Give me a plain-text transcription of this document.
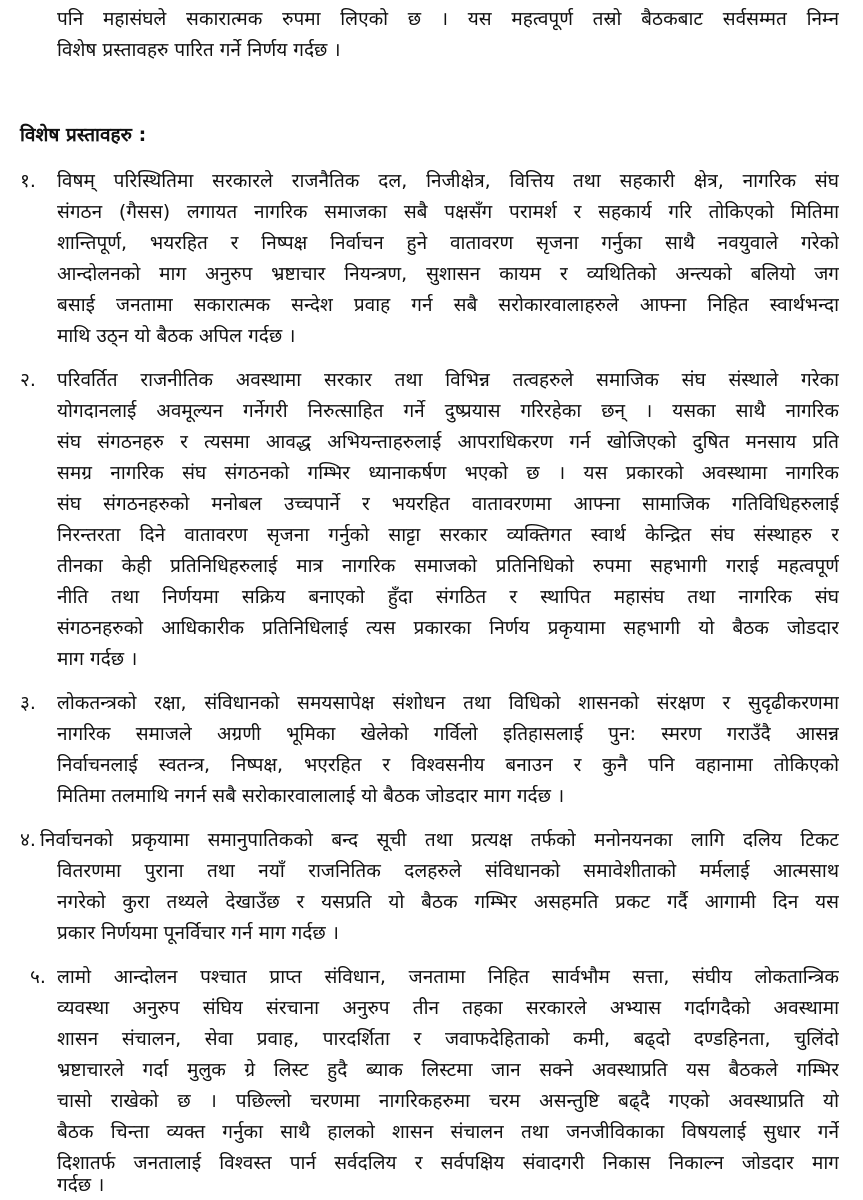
पनि महासंघले सकारात्मक रुपमा लिएको छ । यस महत्वपूर्ण तस्रो बैठकबाट सर्वसम्मत निम्न
विशेष प्रस्तावहरु पारित गर्ने निर्णय गर्दछ ।
विशेष प्रस्तावहरु :
१. विषम् परिस्थितिमा सरकारले राजनैतिक दल, निजीक्षेत्र, वित्तिय तथा सहकारी क्षेत्र, नागरिक संघ
संगठन (गैसस) लगायत नागरिक समाजका सबै पक्षसँग परामर्श र सहकार्य गरि तोकिएको मितिमा
शान्तिपूर्ण, भयरहित र निष्पक्ष निर्वाचन हुने वातावरण सृजना गर्नुका साथै नवयुवाले गरेको
आन्दोलनको माग अनुरुप भ्रष्टाचार नियन्त्रण, सुशासन कायम र व्यथितिको अन्त्यको बलियो जग
बसाई जनतामा सकारात्मक सन्देश प्रवाह गर्न सबै सरोकारवालाहरुले आफ्ना निहित स्वार्थभन्दा
माथि उठ्न यो बैठक अपिल गर्दछ ।
२. परिवर्तित राजनीतिक अवस्थामा सरकार तथा विभिन्न तत्वहरुले समाजिक संघ संस्थाले गरेका
योगदानलाई अवमूल्यन गर्नेगरी निरुत्साहित गर्ने दुष्प्रयास गरिरहेका छन् । यसका साथै नागरिक
संघ संगठनहरु र त्यसमा आवद्ध अभियन्ताहरुलाई आपराधिकरण गर्न खोजिएको दुषित मनसाय प्रति
समग्र नागरिक संघ संगठनको गम्भिर ध्यानाकर्षण भएको छ । यस प्रकारको अवस्थामा नागरिक
संघ संगठनहरुको मनोबल उच्चपार्ने र भयरहित वातावरणमा आफ्ना सामाजिक गतिविधिहरुलाई
निरन्तरता दिने वातावरण सृजना गर्नुको साट्टा सरकार व्यक्तिगत स्वार्थ केन्द्रित संघ संस्थाहरु र
तीनका केही प्रतिनिधिहरुलाई मात्र नागरिक समाजको प्रतिनिधिको रुपमा सहभागी गराई महत्वपूर्ण
नीति तथा निर्णयमा सक्रिय बनाएको हुँदा संगठित र स्थापित महासंघ तथा नागरिक संघ
संगठनहरुको आधिकारीक प्रतिनिधिलाई त्यस प्रकारका निर्णय प्रकृयामा सहभागी यो बैठक जोडदार
माग गर्दछ ।
३. लोकतन्त्रको रक्षा, संविधानको समयसापेक्ष संशोधन तथा विधिको शासनको संरक्षण र सुदृढीकरणमा
नागरिक समाजले अग्रणी भूमिका खेलेको गर्विलो इतिहासलाई पुन: स्मरण गराउँदै आसन्न
निर्वाचनलाई स्वतन्त्र, निष्पक्ष, भएरहित र विश्वसनीय बनाउन र कुनै पनि वहानामा तोकिएको
मितिमा तलमाथि नगर्न सबै सरोकारवालालाई यो बैठक जोडदार माग गर्दछ ।
४. निर्वाचनको प्रकृयामा समानुपातिकको बन्द सूची तथा प्रत्यक्ष तर्फको मनोनयनका लागि दलिय टिकट
वितरणमा पुराना तथा नयाँ राजनितिक दलहरुले संविधानको समावेशीताको मर्मलाई आत्मसाथ
नगरेको कुरा तथ्यले देखाउँछ र यसप्रति यो बैठक गम्भिर असहमति प्रकट गर्दै आगामी दिन यस
प्रकार निर्णयमा पूनर्विचार गर्न माग गर्दछ ।
५. लामो आन्दोलन पश्चात प्राप्त संविधान, जनतामा निहित सार्वभौम सत्ता, संघीय लोकतान्त्रिक
व्यवस्था अनुरुप संघिय संरचाना अनुरुप तीन तहका सरकारले अभ्यास गर्दागदैको अवस्थामा
शासन संचालन, सेवा प्रवाह, पारदर्शिता र जवाफदेहिताको कमी, बढ्दो दण्डहिनता, चुलिंदो
भ्रष्टाचारले गर्दा मुलुक ग्रे लिस्ट हुदै ब्याक लिस्टमा जान सक्ने अवस्थाप्रति यस बैठकले गम्भिर
चासो राखेको छ । पछिल्लो चरणमा नागरिकहरुमा चरम असन्तुष्टि बढ्दै गएको अवस्थाप्रति यो
बैठक चिन्ता व्यक्त गर्नुका साथै हालको शासन संचालन तथा जनजीविकाका विषयलाई सुधार गर्ने
दिशातर्फ जनतालाई विश्वस्त पार्न सर्वदलिय र सर्वपक्षिय संवादगरी निकास निकाल्न जोडदार माग
गर्दछ ।
